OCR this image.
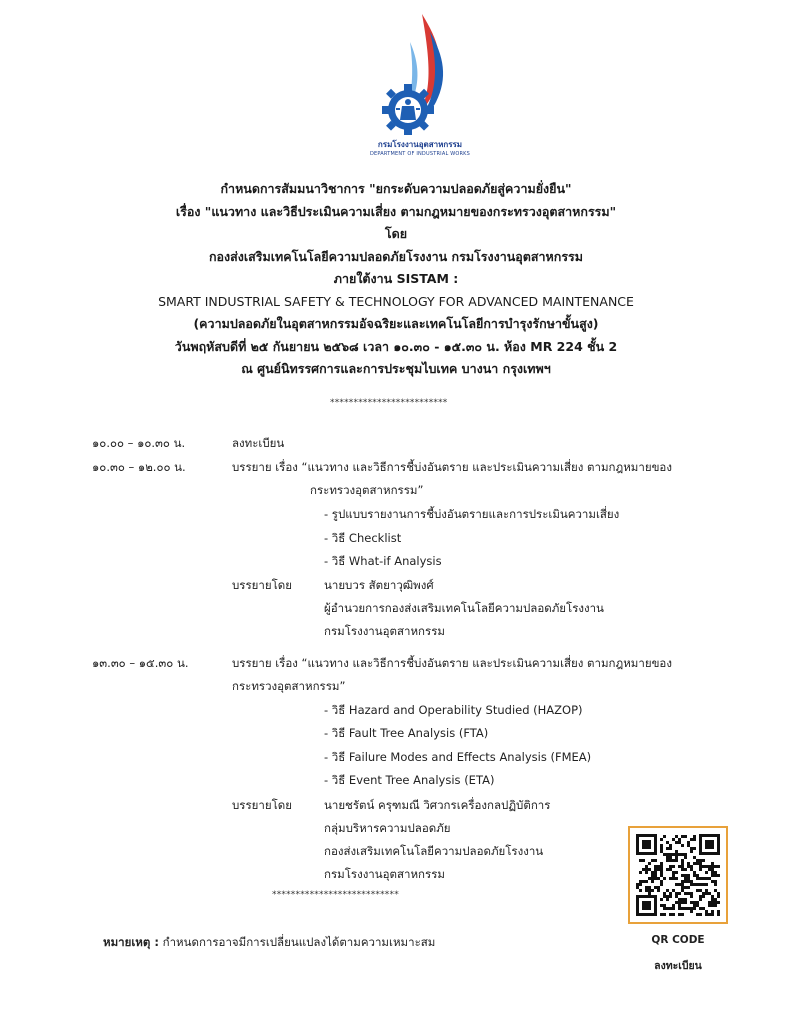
กรมโรงงานอุตสาหกรรม
DEPARTMENT OF INDUSTRIAL WORKS
กำหนดการสัมมนาวิชาการ "ยกระดับความปลอดภัยสู่ความยั่งยืน"
เรื่อง "แนวทาง และวิธีประเมินความเสี่ยง ตามกฎหมายของกระทรวงอุตสาหกรรม"
โดย
กองส่งเสริมเทคโนโลยีความปลอดภัยโรงงาน กรมโรงงานอุตสาหกรรม
ภายใต้งาน SISTAM :
SMART INDUSTRIAL SAFETY & TECHNOLOGY FOR ADVANCED MAINTENANCE
(ความปลอดภัยในอุตสาหกรรมอัจฉริยะและเทคโนโลยีการบำรุงรักษาขั้นสูง)
วันพฤหัสบดีที่ ๒๕ กันยายน ๒๕๖๘ เวลา ๑๐.๓๐ - ๑๕.๓๐ น. ห้อง MR 224 ชั้น 2
ณ ศูนย์นิทรรศการและการประชุมไบเทค บางนา กรุงเทพฯ
*************************
๑๐.๐๐ – ๑๐.๓๐ น.	ลงทะเบียน
๑๐.๓๐ – ๑๒.๐๐ น.	บรรยาย เรื่อง “แนวทาง และวิธีการชี้บ่งอันตราย และประเมินความเสี่ยง ตามกฎหมายของ
กระทรวงอุตสาหกรรม”
- รูปแบบรายงานการชี้บ่งอันตรายและการประเมินความเสี่ยง
- วิธี Checklist
- วิธี What-if Analysis
บรรยายโดย	นายบวร สัตยาวุฒิพงศ์
ผู้อำนวยการกองส่งเสริมเทคโนโลยีความปลอดภัยโรงงาน
กรมโรงงานอุตสาหกรรม
๑๓.๓๐ – ๑๕.๓๐ น.	บรรยาย เรื่อง “แนวทาง และวิธีการชี้บ่งอันตราย และประเมินความเสี่ยง ตามกฎหมายของ
กระทรวงอุตสาหกรรม”
- วิธี Hazard and Operability Studied (HAZOP)
- วิธี Fault Tree Analysis (FTA)
- วิธี Failure Modes and Effects Analysis (FMEA)
- วิธี Event Tree Analysis (ETA)
บรรยายโดย	นายชรัตน์ ครุฑมณี วิศวกรเครื่องกลปฏิบัติการ
กลุ่มบริหารความปลอดภัย
กองส่งเสริมเทคโนโลยีความปลอดภัยโรงงาน
กรมโรงงานอุตสาหกรรม
***************************
หมายเหตุ : กำหนดการอาจมีการเปลี่ยนแปลงได้ตามความเหมาะสม	QR CODE
ลงทะเบียน
